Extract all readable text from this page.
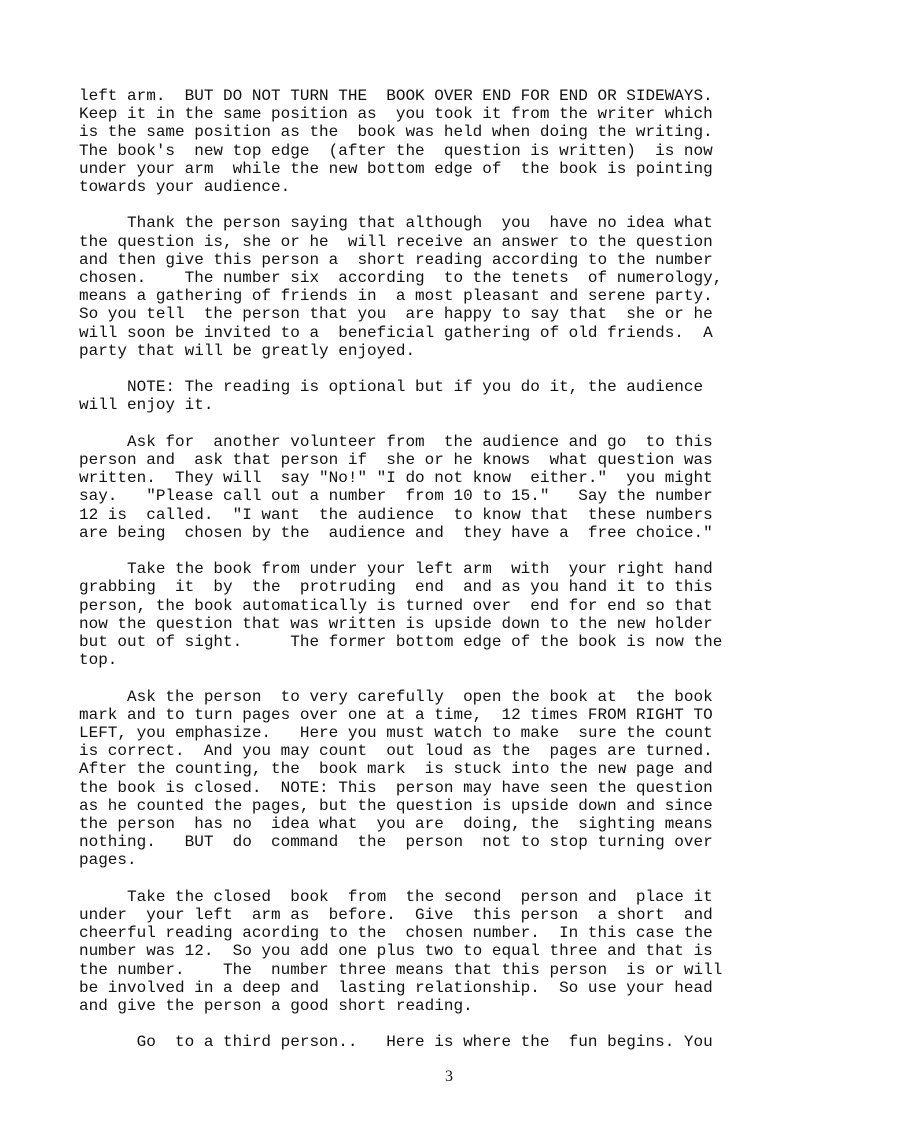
left arm.  BUT DO NOT TURN THE  BOOK OVER END FOR END OR SIDEWAYS.
Keep it in the same position as  you took it from the writer which
is the same position as the  book was held when doing the writing.
The book's  new top edge  (after the  question is written)  is now
under your arm  while the new bottom edge of  the book is pointing
towards your audience.
Thank the person saying that although  you  have no idea what
the question is, she or he  will receive an answer to the question
and then give this person a  short reading according to the number
chosen.    The number six  according  to the tenets  of numerology,
means a gathering of friends in  a most pleasant and serene party.
So you tell  the person that you  are happy to say that  she or he
will soon be invited to a  beneficial gathering of old friends.  A
party that will be greatly enjoyed.
NOTE: The reading is optional but if you do it, the audience
will enjoy it.
Ask for  another volunteer from  the audience and go  to this
person and  ask that person if  she or he knows  what question was
written.  They will  say "No!" "I do not know  either."  you might
say.   "Please call out a number  from 10 to 15."   Say the number
12 is  called.  "I want  the audience  to know that  these numbers
are being  chosen by the  audience and  they have a  free choice."
Take the book from under your left arm  with  your right hand
grabbing  it  by  the  protruding  end  and as you hand it to this
person, the book automatically is turned over  end for end so that
now the question that was written is upside down to the new holder
but out of sight.     The former bottom edge of the book is now the
top.
Ask the person  to very carefully  open the book at  the book
mark and to turn pages over one at a time,  12 times FROM RIGHT TO
LEFT, you emphasize.   Here you must watch to make  sure the count
is correct.  And you may count  out loud as the  pages are turned.
After the counting, the  book mark  is stuck into the new page and
the book is closed.  NOTE: This  person may have seen the question
as he counted the pages, but the question is upside down and since
the person  has no  idea what  you are  doing, the  sighting means
nothing.   BUT  do  command  the  person  not to stop turning over
pages.
Take the closed  book  from  the second  person and  place it
under  your left  arm as  before.  Give  this person  a short  and
cheerful reading acording to the  chosen number.  In this case the
number was 12.  So you add one plus two to equal three and that is
the number.    The  number three means that this person  is or will
be involved in a deep and  lasting relationship.  So use your head
and give the person a good short reading.
Go  to a third person..   Here is where the  fun begins. You
3
